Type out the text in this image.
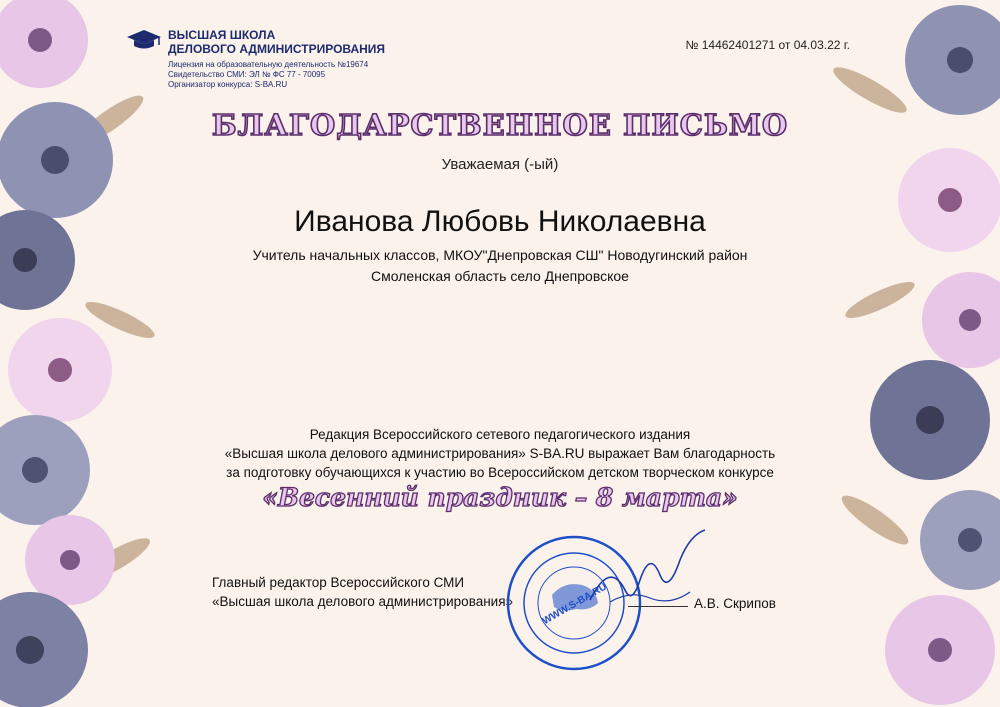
ВЫСШАЯ ШКОЛА
ДЕЛОВОГО АДМИНИСТРИРОВАНИЯ
Лицензия на образовательную деятельность №19674
Свидетельство СМИ: ЭЛ № ФС 77 - 70095
Организатор конкурса: S-BA.RU
№ 14462401271 от 04.03.22 г.
БЛАГОДАРСТВЕННОЕ ПИСЬМО
Уважаемая (-ый)
Иванова Любовь Николаевна
Учитель начальных классов, МКОУ"Днепровская СШ" Новодугинский район
Смоленская область село Днепровское
Редакция Всероссийского сетевого педагогического издания
«Высшая школа делового администрирования» S-BA.RU выражает Вам благодарность
за подготовку обучающихся к участию во Всероссийском детском творческом конкурсе
«Весенний праздник – 8 марта»
Главный редактор Всероссийского СМИ
«Высшая школа делового администрирования»	WWW.S-BA.RU	А.В. Скрипов
